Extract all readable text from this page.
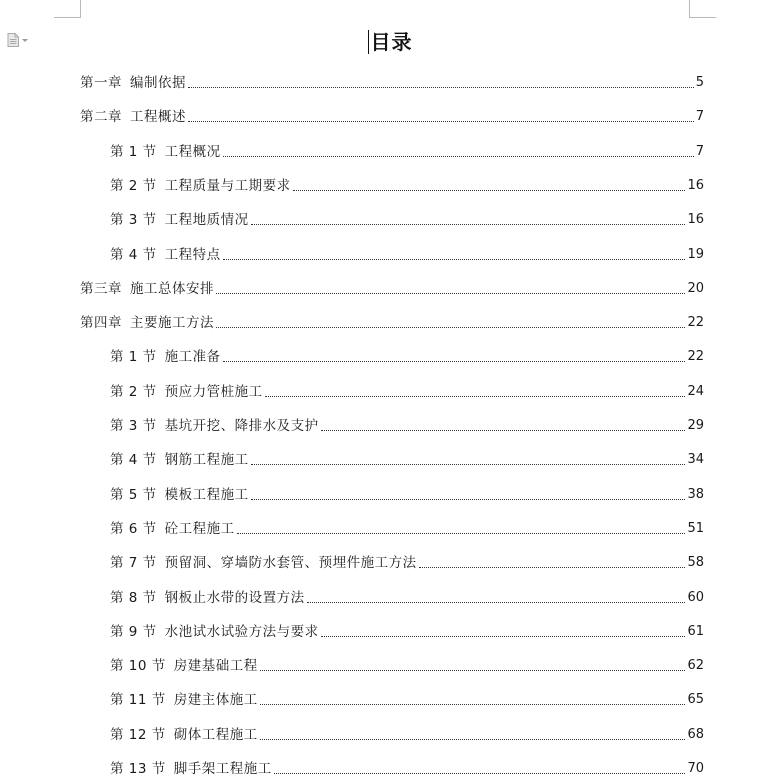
目录
第一章 编制依据	5
第二章 工程概述	7
第 1 节 工程概况	7
第 2 节 工程质量与工期要求	16
第 3 节 工程地质情况	16
第 4 节 工程特点	19
第三章 施工总体安排	20
第四章 主要施工方法	22
第 1 节 施工准备	22
第 2 节 预应力管桩施工	24
第 3 节 基坑开挖、降排水及支护	29
第 4 节 钢筋工程施工	34
第 5 节 模板工程施工	38
第 6 节 砼工程施工	51
第 7 节 预留洞、穿墙防水套管、预埋件施工方法	58
第 8 节 钢板止水带的设置方法	60
第 9 节 水池试水试验方法与要求	61
第 10 节 房建基础工程	62
第 11 节 房建主体施工	65
第 12 节 砌体工程施工	68
第 13 节 脚手架工程施工	70
